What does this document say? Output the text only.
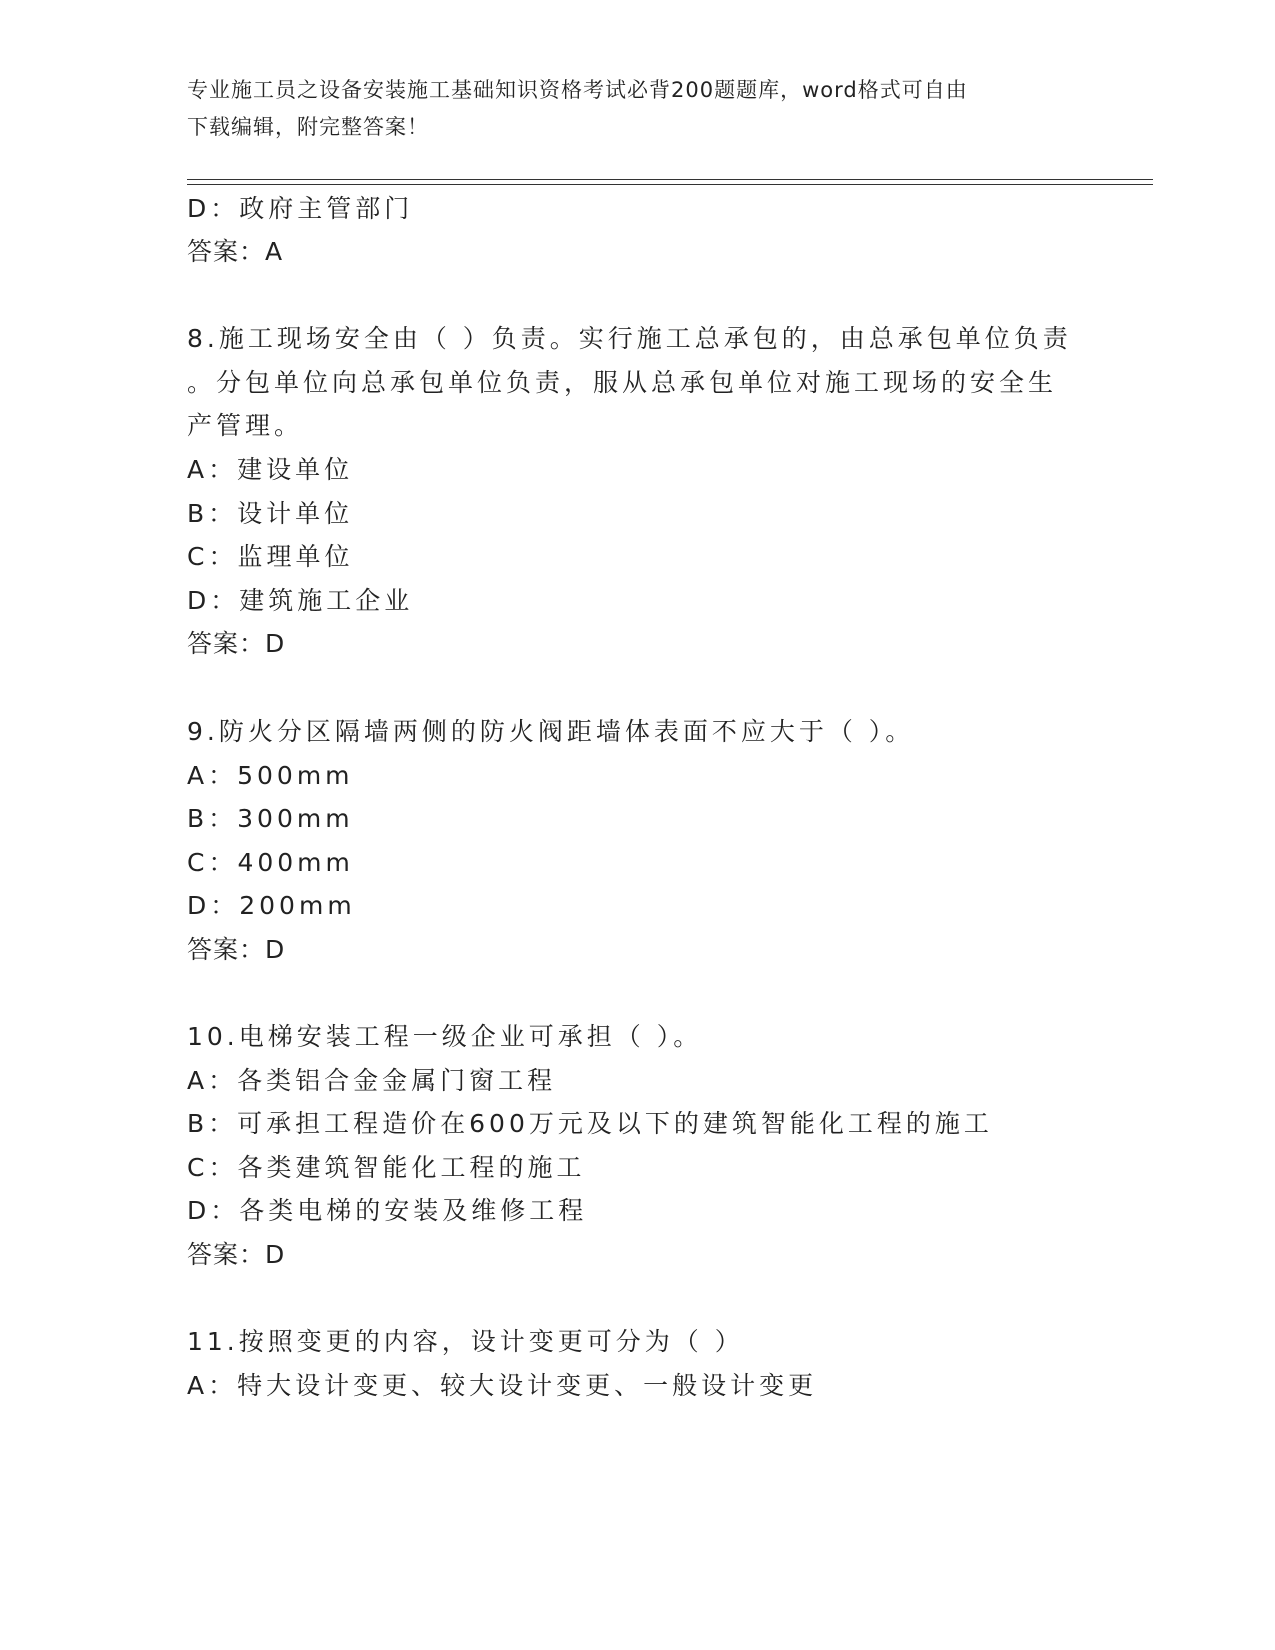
专业施工员之设备安装施工基础知识资格考试必背200题题库，word格式可自由
下载编辑，附完整答案！
D：政府主管部门
答案：A
8.施工现场安全由（ ）负责。实行施工总承包的，由总承包单位负责
。分包单位向总承包单位负责，服从总承包单位对施工现场的安全生
产管理。
A：建设单位
B：设计单位
C：监理单位
D：建筑施工企业
答案：D
9.防火分区隔墙两侧的防火阀距墙体表面不应大于（ ）。
A：500mm
B：300mm
C：400mm
D：200mm
答案：D
10.电梯安装工程一级企业可承担（ ）。
A：各类铝合金金属门窗工程
B：可承担工程造价在600万元及以下的建筑智能化工程的施工
C：各类建筑智能化工程的施工
D：各类电梯的安装及维修工程
答案：D
11.按照变更的内容，设计变更可分为（ ）
A：特大设计变更、较大设计变更、一般设计变更
